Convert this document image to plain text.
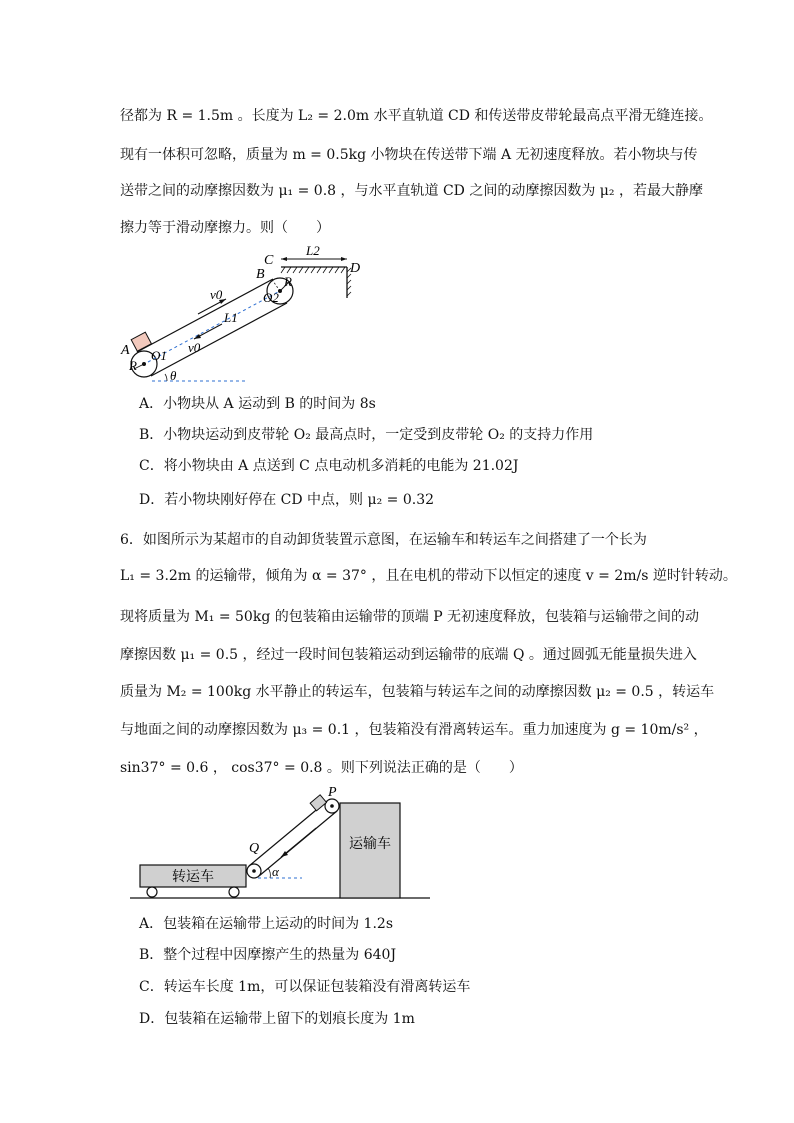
径都为 R = 1.5m 。长度为 L₂ = 2.0m 水平直轨道 CD 和传送带皮带轮最高点平滑无缝连接。
现有一体积可忽略，质量为 m = 0.5kg 小物块在传送带下端 A 无初速度释放。若小物块与传
送带之间的动摩擦因数为 μ₁ = 0.8 ，与水平直轨道 CD 之间的动摩擦因数为 μ₂ ，若最大静摩
擦力等于滑动摩擦力。则（　　）
C
L2
D
B
O2
R
v0
L1
A O1
v0
R
θ
A．小物块从 A 运动到 B 的时间为 8s
B．小物块运动到皮带轮 O₂ 最高点时，一定受到皮带轮 O₂ 的支持力作用
C．将小物块由 A 点送到 C 点电动机多消耗的电能为 21.02J
D．若小物块刚好停在 CD 中点，则 μ₂ = 0.32
6．如图所示为某超市的自动卸货装置示意图，在运输车和转运车之间搭建了一个长为
L₁ = 3.2m 的运输带，倾角为 α = 37° ，且在电机的带动下以恒定的速度 v = 2m/s 逆时针转动。
现将质量为 M₁ = 50kg 的包装箱由运输带的顶端 P 无初速度释放，包装箱与运输带之间的动
摩擦因数 μ₁ = 0.5 ，经过一段时间包装箱运动到运输带的底端 Q 。通过圆弧无能量损失进入
质量为 M₂ = 100kg 水平静止的转运车，包装箱与转运车之间的动摩擦因数 μ₂ = 0.5 ，转运车
与地面之间的动摩擦因数为 μ₃ = 0.1 ，包装箱没有滑离转运车。重力加速度为 g = 10m/s² ，
sin37° = 0.6 ， cos37° = 0.8 。则下列说法正确的是（　　）
运输车
转运车
P
Q
α
A．包装箱在运输带上运动的时间为 1.2s
B．整个过程中因摩擦产生的热量为 640J
C．转运车长度 1m，可以保证包装箱没有滑离转运车
D．包装箱在运输带上留下的划痕长度为 1m
